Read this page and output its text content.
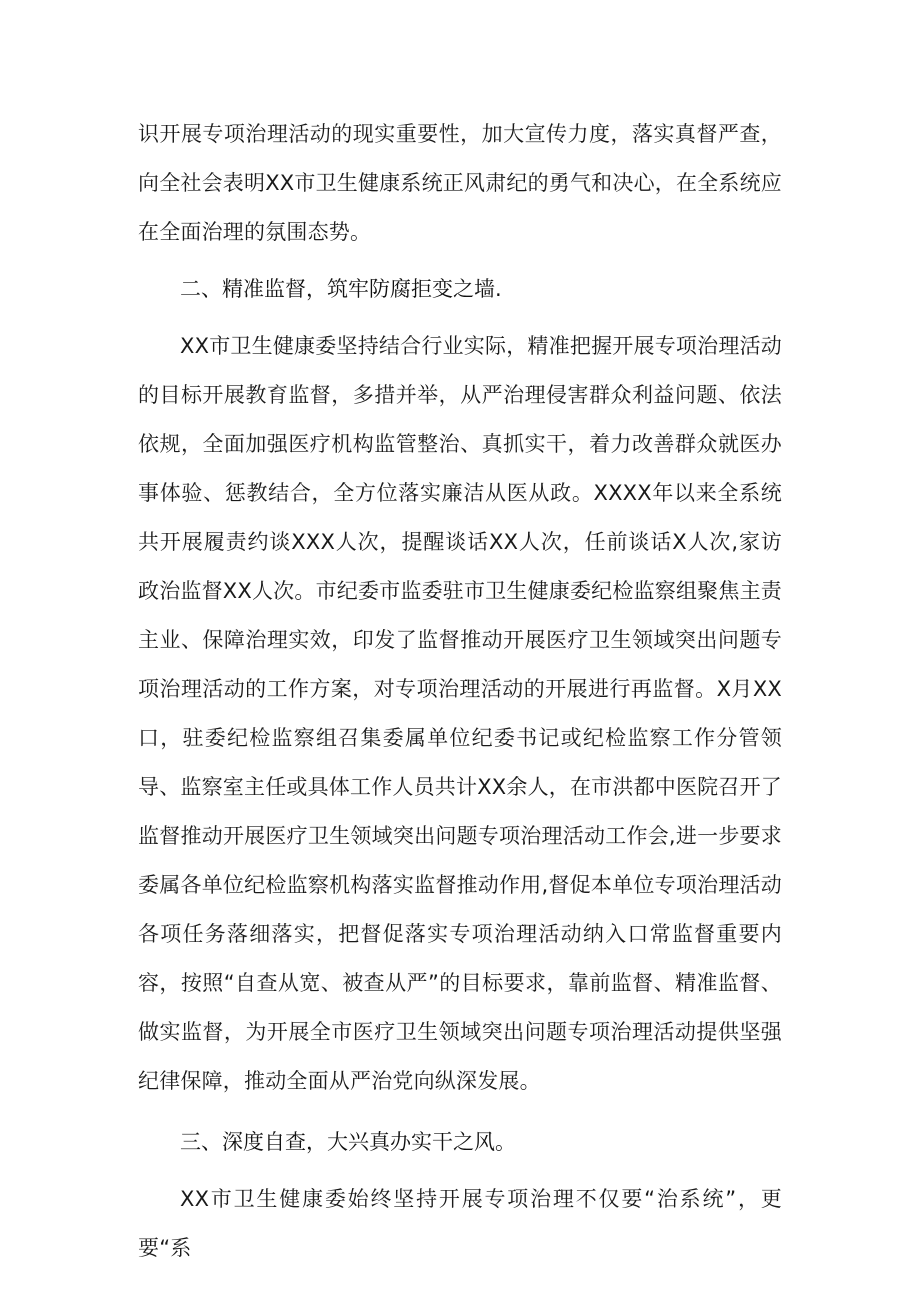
识开展专项治理活动的现实重要性，加大宣传力度，落实真督严查，向全社会表明XX市卫生健康系统正风肃纪的勇气和决心，在全系统应在全面治理的氛围态势。

二、精准监督，筑牢防腐拒变之墙.

XX市卫生健康委坚持结合行业实际，精准把握开展专项治理活动的目标开展教育监督，多措并举，从严治理侵害群众利益问题、依法依规，全面加强医疗机构监管整治、真抓实干，着力改善群众就医办事体验、惩教结合，全方位落实廉洁从医从政。XXXX年以来全系统共开展履责约谈XXX人次，提醒谈话XX人次，任前谈话X人次,家访政治监督XX人次。市纪委市监委驻市卫生健康委纪检监察组聚焦主责主业、保障治理实效，印发了监督推动开展医疗卫生领域突出问题专项治理活动的工作方案，对专项治理活动的开展进行再监督。X月XX口，驻委纪检监察组召集委属单位纪委书记或纪检监察工作分管领导、监察室主任或具体工作人员共计XX余人，在市洪都中医院召开了监督推动开展医疗卫生领域突出问题专项治理活动工作会,进一步要求委属各单位纪检监察机构落实监督推动作用,督促本单位专项治理活动各项任务落细落实，把督促落实专项治理活动纳入口常监督重要内容，按照“自查从宽、被查从严”的目标要求，靠前监督、精准监督、做实监督，为开展全市医疗卫生领域突出问题专项治理活动提供坚强纪律保障，推动全面从严治党向纵深发展。

三、深度自查，大兴真办实干之风。

XX市卫生健康委始终坚持开展专项治理不仅要“治系统”，更要“系
